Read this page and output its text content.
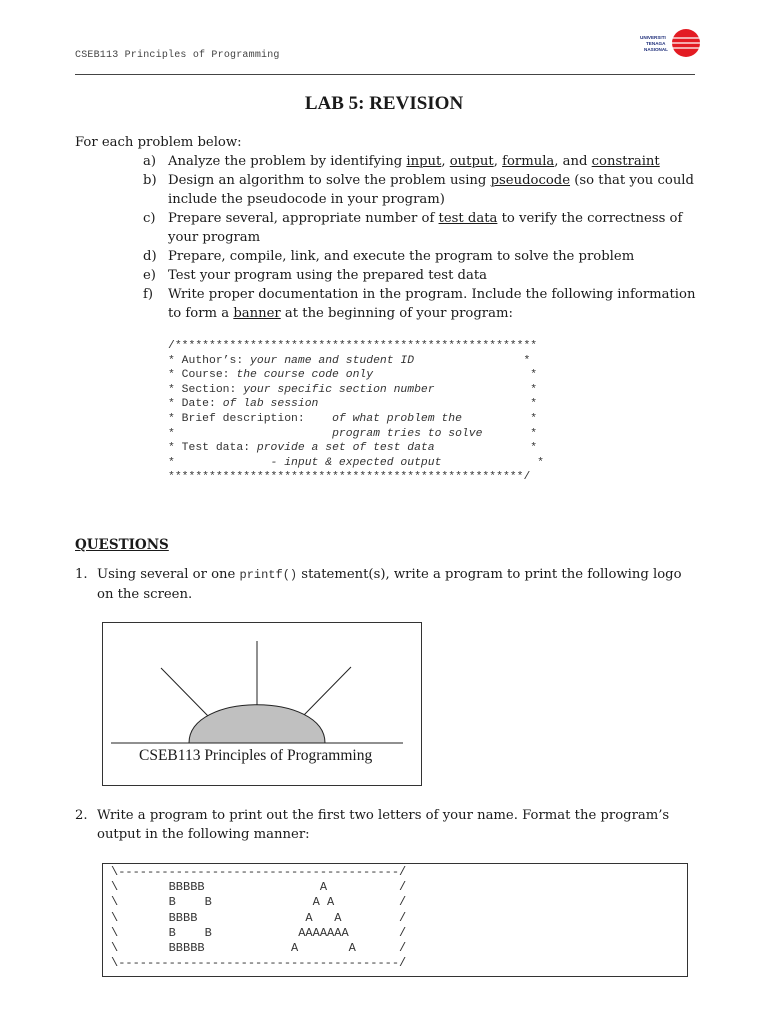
CSEB113 Principles of Programming
UNIVERSITI
TENAGA
NASIONAL
LAB 5: REVISION
For each problem below:
a) Analyze the problem by identifying input, output, formula, and constraint
b) Design an algorithm to solve the problem using pseudocode (so that you could include the pseudocode in your program)
c) Prepare several, appropriate number of test data to verify the correctness of your program
d) Prepare, compile, link, and execute the program to solve the problem
e) Test your program using the prepared test data
f)	Write proper documentation in the program. Include the following information to form a banner at the beginning of your program:
/*****************************************************
* Author’s: your name and student ID                *
* Course: the course code only                       *
* Section: your specific section number              *
* Date: of lab session                               *
* Brief description:    of what problem the          *
*                       program tries to solve       *
* Test data: provide a set of test data              *
*              - input & expected output              *
****************************************************/
QUESTIONS
1. Using several or one printf() statement(s), write a program to print the following logo on the screen.
CSEB113 Principles of Programming
2. Write a program to print out the first two letters of your name. Format the program’s output in the following manner:
\---------------------------------------/
\       BBBBB                A          /
\       B    B              A A         /
\       BBBB               A   A        /
\       B    B            AAAAAAA       /
\       BBBBB            A       A      /
\---------------------------------------/
